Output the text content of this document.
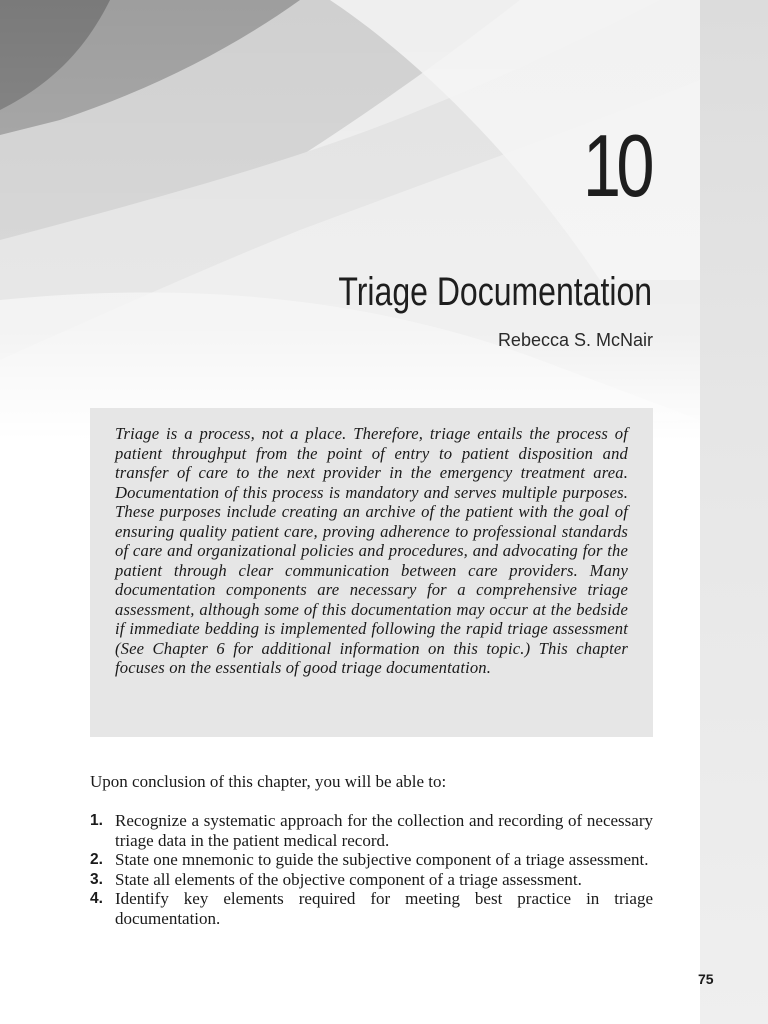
10
Triage Documentation
Rebecca S. McNair

Triage is a process, not a place. Therefore, triage entails the process of patient throughput from the point of entry to patient disposition and transfer of care to the next provider in the emergency treatment area. Documentation of this process is mandatory and serves multiple purposes. These purposes include creating an archive of the patient with the goal of ensuring quality patient care, proving adherence to professional standards of care and organizational policies and procedures, and advocating for the patient through clear communication between care providers. Many documentation components are necessary for a comprehensive triage assessment, although some of this documentation may occur at the bedside if immediate bedding is implemented following the rapid triage assessment (See Chapter 6 for additional information on this topic.) This chapter focuses on the essentials of good triage documentation.

Upon conclusion of this chapter, you will be able to:

1. Recognize a systematic approach for the collection and recording of necessary triage data in the patient medical record.
2. State one mnemonic to guide the subjective component of a triage assessment.
3. State all elements of the objective component of a triage assessment.
4. Identify key elements required for meeting best practice in triage documentation.
75
